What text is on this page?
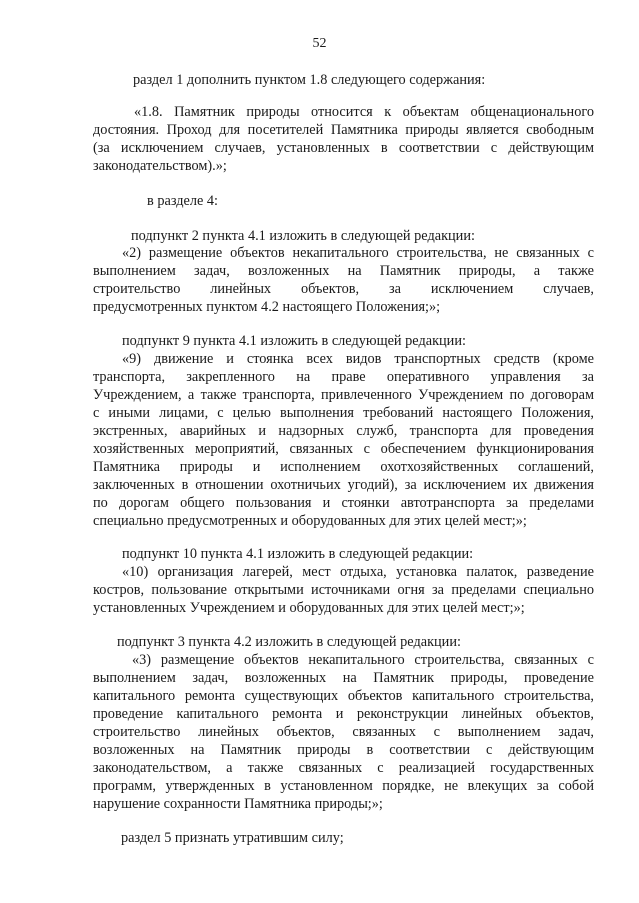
52
раздел 1 дополнить пунктом 1.8 следующего содержания:
«1.8. Памятник природы относится к объектам общенационального
достояния. Проход для посетителей Памятника природы является свободным
(за исключением случаев, установленных в соответствии с действующим
законодательством).»;
в разделе 4:
подпункт 2 пункта 4.1 изложить в следующей редакции:
«2) размещение объектов некапитального строительства, не связанных с
выполнением задач, возложенных на Памятник природы, а также
строительство линейных объектов, за исключением случаев,
предусмотренных пунктом 4.2 настоящего Положения;»;
подпункт 9 пункта 4.1 изложить в следующей редакции:
«9) движение и стоянка всех видов транспортных средств (кроме
транспорта, закрепленного на праве оперативного управления за
Учреждением, а также транспорта, привлеченного Учреждением по договорам
с иными лицами, с целью выполнения требований настоящего Положения,
экстренных, аварийных и надзорных служб, транспорта для проведения
хозяйственных мероприятий, связанных с обеспечением функционирования
Памятника природы и исполнением охотхозяйственных соглашений,
заключенных в отношении охотничьих угодий), за исключением их движения
по дорогам общего пользования и стоянки автотранспорта за пределами
специально предусмотренных и оборудованных для этих целей мест;»;
подпункт 10 пункта 4.1 изложить в следующей редакции:
«10) организация лагерей, мест отдыха, установка палаток, разведение
костров, пользование открытыми источниками огня за пределами специально
установленных Учреждением и оборудованных для этих целей мест;»;
подпункт 3 пункта 4.2 изложить в следующей редакции:
«3) размещение объектов некапитального строительства, связанных с
выполнением задач, возложенных на Памятник природы, проведение
капитального ремонта существующих объектов капитального строительства,
проведение капитального ремонта и реконструкции линейных объектов,
строительство линейных объектов, связанных с выполнением задач,
возложенных на Памятник природы в соответствии с действующим
законодательством, а также связанных с реализацией государственных
программ, утвержденных в установленном порядке, не влекущих за собой
нарушение сохранности Памятника природы;»;
раздел 5 признать утратившим силу;
